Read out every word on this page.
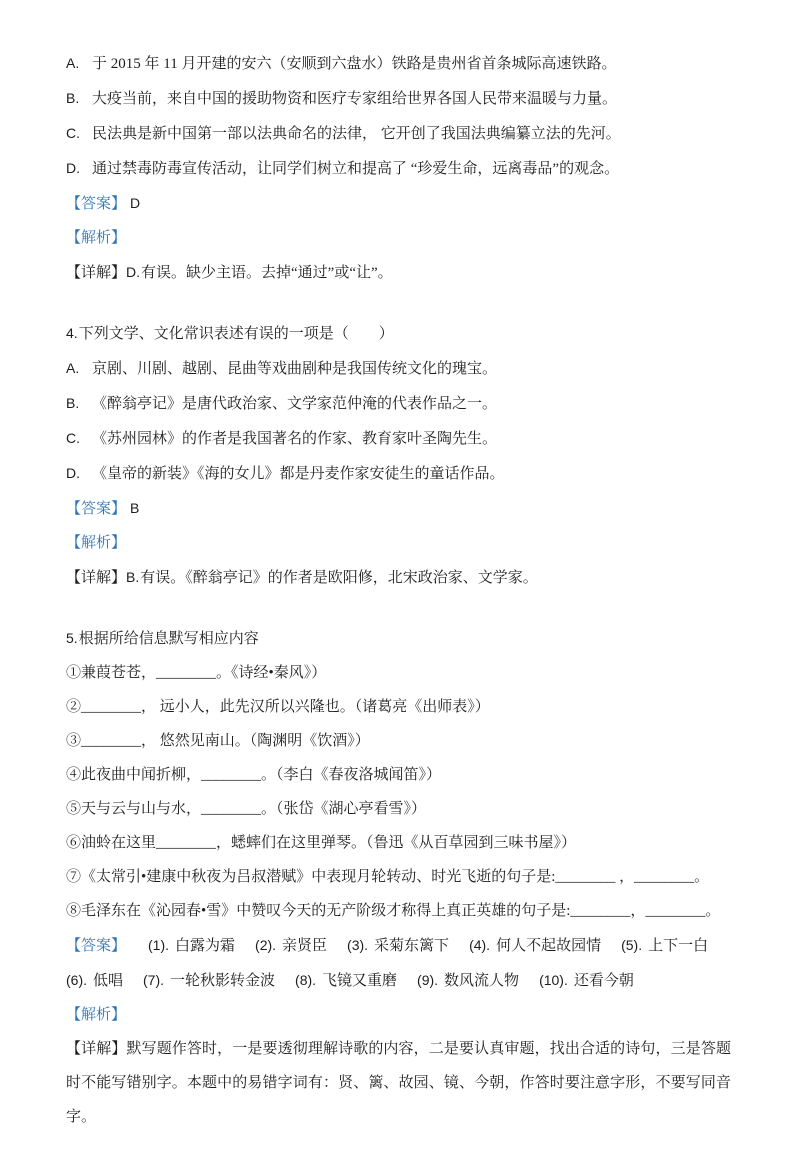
A. 于 2015 年 11 月开建的安六（安顺到六盘水）铁路是贵州省首条城际高速铁路。

B. 大疫当前，来自中国的援助物资和医疗专家组给世界各国人民带来温暖与力量。

C. 民法典是新中国第一部以法典命名的法律， 它开创了我国法典编纂立法的先河。

D. 通过禁毒防毒宣传活动，让同学们树立和提高了 “珍爱生命，远离毒品”的观念。

【答案】 D

【解析】

【详解】D.有误。缺少主语。去掉“通过”或“让”。

4.下列文学、文化常识表述有误的一项是（　　）

A. 京剧、川剧、越剧、昆曲等戏曲剧种是我国传统文化的瑰宝。

B. 《醉翁亭记》是唐代政治家、文学家范仲淹的代表作品之一。

C. 《苏州园林》的作者是我国著名的作家、教育家叶圣陶先生。

D. 《皇帝的新装》《海的女儿》都是丹麦作家安徒生的童话作品。

【答案】 B

【解析】

【详解】B.有误。《醉翁亭记》的作者是欧阳修，北宋政治家、文学家。

5.根据所给信息默写相应内容

①兼葭苍苍，________。《诗经•秦风》）

②________， 远小人，此先汉所以兴隆也。（诸葛亮《出师表》）

③________， 悠然见南山。（陶渊明《饮酒》）

④此夜曲中闻折柳，________。（李白《春夜洛城闻笛》）

⑤天与云与山与水，________。（张岱《湖心亭看雪》）

⑥油蛉在这里________，蟋蟀们在这里弹琴。（鲁迅《从百草园到三味书屋》）

⑦《太常引•建康中秋夜为吕叔潜赋》中表现月轮转动、时光飞逝的句子是:________ ，________。

⑧毛泽东在《沁园春•雪》中赞叹今天的无产阶级才称得上真正英雄的句子是:________，________。

【答案】 (1). 白露为霜 (2). 亲贤臣 (3). 采菊东篱下 (4). 何人不起故园情 (5). 上下一白(6). 低唱 (7). 一轮秋影转金波 (8). 飞镜又重磨 (9). 数风流人物 (10). 还看今朝

【解析】

【详解】默写题作答时，一是要透彻理解诗歌的内容，二是要认真审题，找出合适的诗句，三是答题时不能写错别字。本题中的易错字词有：贤、篱、故园、镜、今朝，作答时要注意字形，不要写同音字。
